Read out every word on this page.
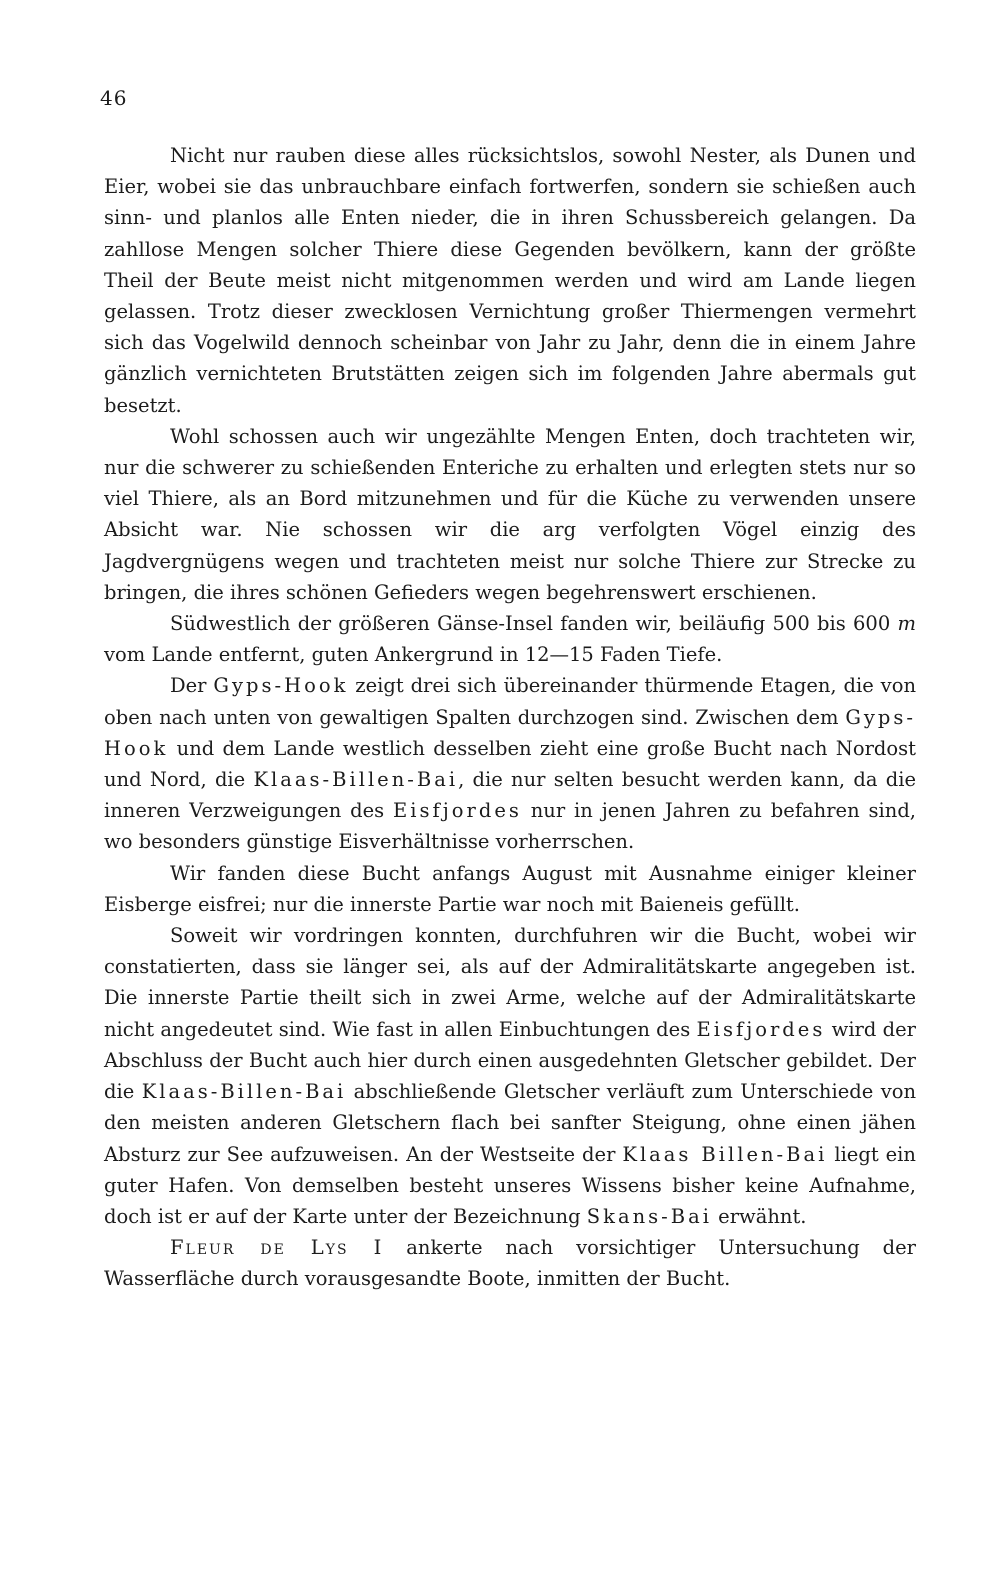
46

Nicht nur rauben diese alles rücksichtslos, sowohl Nester, als Dunen und Eier, wobei sie das unbrauchbare einfach fortwerfen, sondern sie schießen auch sinn- und planlos alle Enten nieder, die in ihren Schussbereich gelangen. Da zahllose Mengen solcher Thiere diese Gegenden bevölkern, kann der größte Theil der Beute meist nicht mitgenommen werden und wird am Lande liegen gelassen. Trotz dieser zwecklosen Vernichtung großer Thiermengen vermehrt sich das Vogelwild dennoch scheinbar von Jahr zu Jahr, denn die in einem Jahre gänzlich vernichteten Brutstätten zeigen sich im folgenden Jahre abermals gut besetzt.

Wohl schossen auch wir ungezählte Mengen Enten, doch trachteten wir, nur die schwerer zu schießenden Enteriche zu erhalten und erlegten stets nur so viel Thiere, als an Bord mitzunehmen und für die Küche zu verwenden unsere Absicht war. Nie schossen wir die arg verfolgten Vögel einzig des Jagdvergnügens wegen und trachteten meist nur solche Thiere zur Strecke zu bringen, die ihres schönen Gefieders wegen begehrenswert erschienen.

Südwestlich der größeren Gänse-Insel fanden wir, beiläufig 500 bis 600 m vom Lande entfernt, guten Ankergrund in 12—15 Faden Tiefe.

Der Gyps-Hook zeigt drei sich übereinander thürmende Etagen, die von oben nach unten von gewaltigen Spalten durchzogen sind. Zwischen dem Gyps-Hook und dem Lande westlich desselben zieht eine große Bucht nach Nordost und Nord, die Klaas-Billen-Bai, die nur selten besucht werden kann, da die inneren Verzweigungen des Eisfjordes nur in jenen Jahren zu befahren sind, wo besonders günstige Eisverhältnisse vorherrschen.

Wir fanden diese Bucht anfangs August mit Ausnahme einiger kleiner Eisberge eisfrei; nur die innerste Partie war noch mit Baieneis gefüllt.

Soweit wir vordringen konnten, durchfuhren wir die Bucht, wobei wir constatierten, dass sie länger sei, als auf der Admiralitätskarte angegeben ist. Die innerste Partie theilt sich in zwei Arme, welche auf der Admiralitätskarte nicht angedeutet sind. Wie fast in allen Einbuchtungen des Eisfjordes wird der Abschluss der Bucht auch hier durch einen ausgedehnten Gletscher gebildet. Der die Klaas-Billen-Bai abschließende Gletscher verläuft zum Unterschiede von den meisten anderen Gletschern flach bei sanfter Steigung, ohne einen jähen Absturz zur See aufzuweisen. An der Westseite der Klaas Billen-Bai liegt ein guter Hafen. Von demselben besteht unseres Wissens bisher keine Aufnahme, doch ist er auf der Karte unter der Bezeichnung Skans-Bai erwähnt.

Fleur de Lys I ankerte nach vorsichtiger Untersuchung der Wasserfläche durch vorausgesandte Boote, inmitten der Bucht.
